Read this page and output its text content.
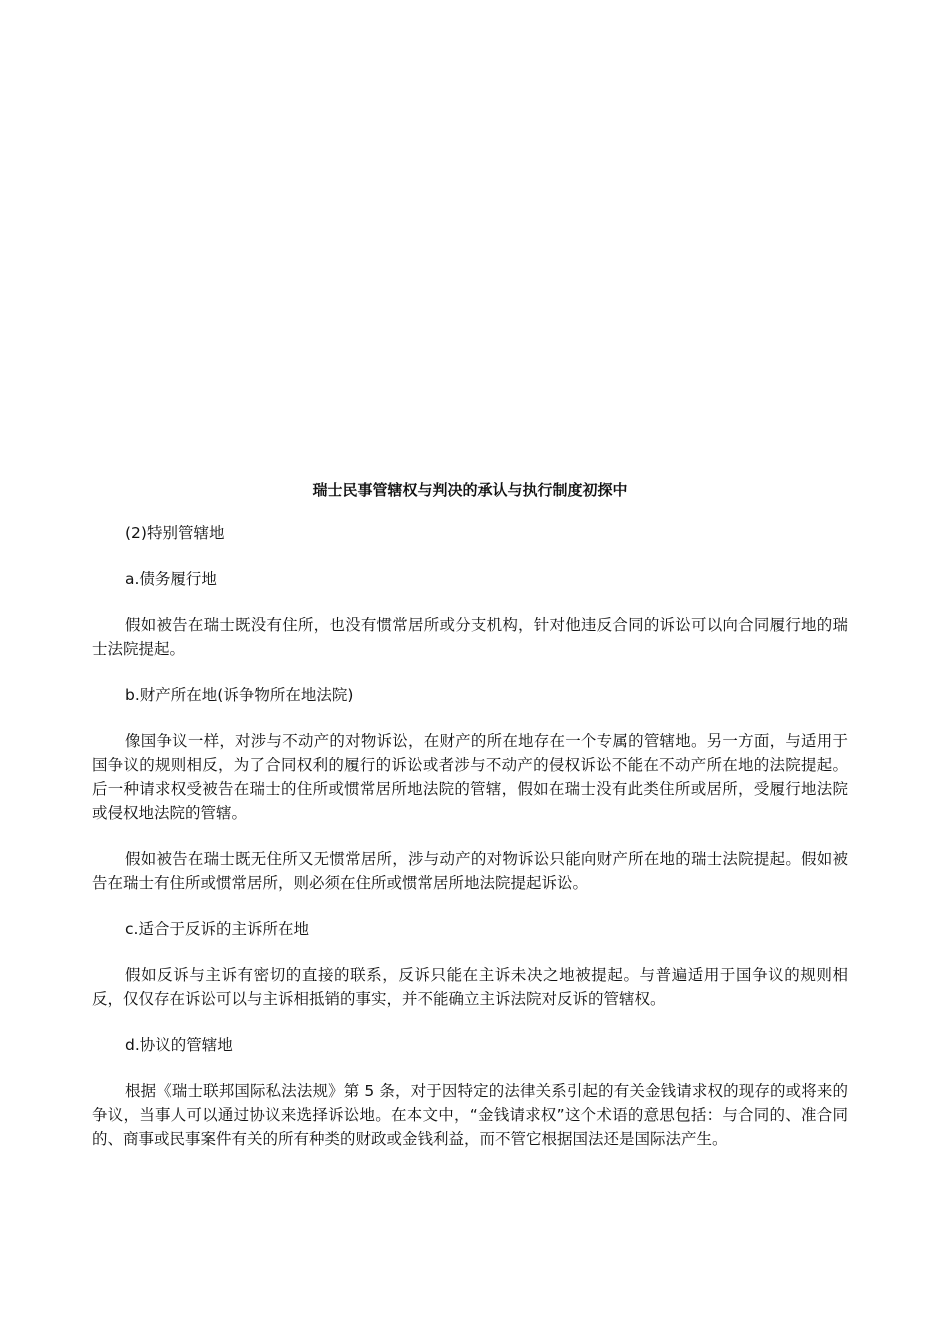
瑞士民事管辖权与判决的承认与执行制度初探中

(2)特别管辖地

a.债务履行地

假如被告在瑞士既没有住所，也没有惯常居所或分支机构，针对他违反合同的诉讼可以向合同履行地的瑞士法院提起。

b.财产所在地(诉争物所在地法院)

像国争议一样，对涉与不动产的对物诉讼，在财产的所在地存在一个专属的管辖地。另一方面，与适用于国争议的规则相反，为了合同权利的履行的诉讼或者涉与不动产的侵权诉讼不能在不动产所在地的法院提起。后一种请求权受被告在瑞士的住所或惯常居所地法院的管辖，假如在瑞士没有此类住所或居所，受履行地法院或侵权地法院的管辖。

假如被告在瑞士既无住所又无惯常居所，涉与动产的对物诉讼只能向财产所在地的瑞士法院提起。假如被告在瑞士有住所或惯常居所，则必须在住所或惯常居所地法院提起诉讼。

c.适合于反诉的主诉所在地

假如反诉与主诉有密切的直接的联系，反诉只能在主诉未决之地被提起。与普遍适用于国争议的规则相反，仅仅存在诉讼可以与主诉相抵销的事实，并不能确立主诉法院对反诉的管辖权。

d.协议的管辖地

根据《瑞士联邦国际私法法规》第 5 条，对于因特定的法律关系引起的有关金钱请求权的现存的或将来的争议，当事人可以通过协议来选择诉讼地。在本文中，“金钱请求权”这个术语的意思包括：与合同的、准合同的、商事或民事案件有关的所有种类的财政或金钱利益，而不管它根据国法还是国际法产生。
